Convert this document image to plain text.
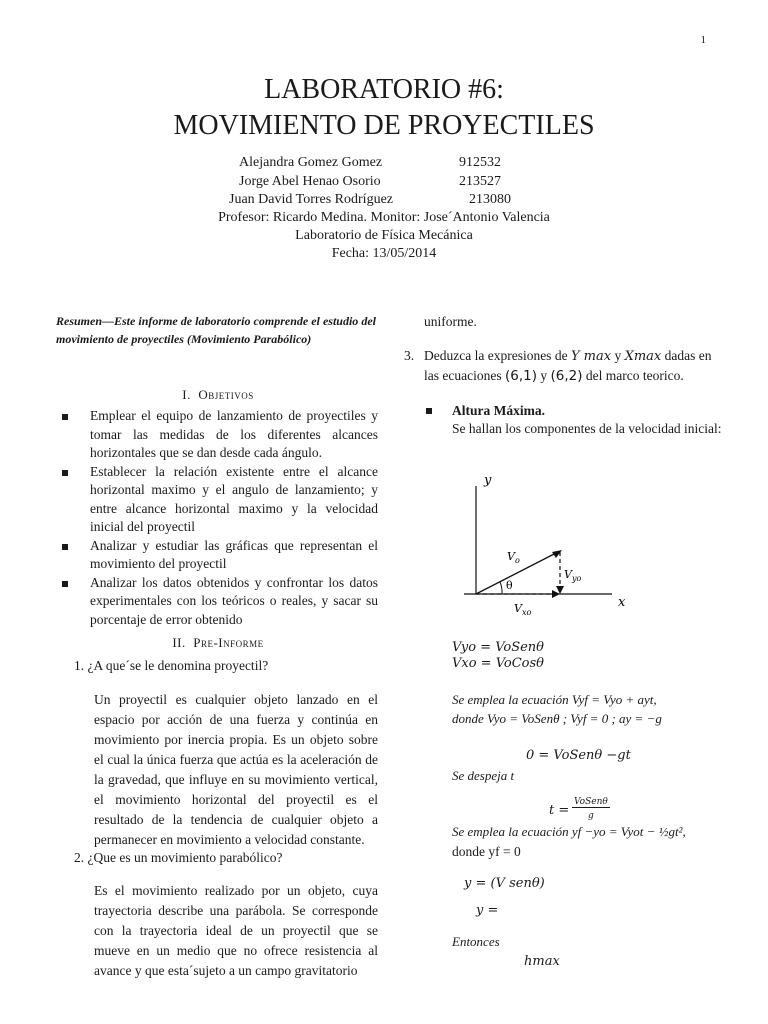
1
LABORATORIO #6:
MOVIMIENTO DE PROYECTILES
Alejandra Gomez Gomez	912532
Jorge Abel Henao Osorio	213527
Juan David Torres Rodríguez	213080
Profesor: Ricardo Medina. Monitor: Jose´Antonio Valencia
Laboratorio de Física Mecánica
Fecha: 13/05/2014
Resumen—Este informe de laboratorio comprende el estudio del movimiento de proyectiles (Movimiento Parabólico)
I. Objetivos
Emplear el equipo de lanzamiento de proyectiles y tomar las medidas de los diferentes alcances horizontales que se dan desde cada ángulo.
Establecer la relación existente entre el alcance horizontal maximo y el angulo de lanzamiento; y entre alcance horizontal maximo y la velocidad inicial del proyectil
Analizar y estudiar las gráficas que representan el movimiento del proyectil
Analizar los datos obtenidos y confrontar los datos experimentales con los teóricos o reales, y sacar su porcentaje de error obtenido
II. Pre-Informe
1. ¿A que´se le denomina proyectil?
Un proyectil es cualquier objeto lanzado en el espacio por acción de una fuerza y continúa en movimiento por inercia propia. Es un objeto sobre el cual la única fuerza que actúa es la aceleración de la gravedad, que influye en su movimiento vertical, el movimiento horizontal del proyectil es el resultado de la tendencia de cualquier objeto a permanecer en movimiento a velocidad constante.
2. ¿Que es un movimiento parabólico?
Es el movimiento realizado por un objeto, cuya trayectoria describe una parábola. Se corresponde con la trayectoria ideal de un proyectil que se mueve en un medio que no ofrece resistencia al avance y que esta´sujeto a un campo gravitatorio
uniforme.
3. Deduzca la expresiones de Y max y Xmax dadas en las ecuaciones (6,1) y (6,2) del marco teorico.
Altura Máxima.
Se hallan los componentes de la velocidad inicial:
y
x
$V_o$
$V_{yo}$
$V_{xo}$
θ
Vyo = VoSenθ
Vxo = VoCosθ
Se emplea la ecuación Vyf = Vyo + ayt,
donde Vyo = VoSenθ ; Vyf = 0 ; ay = −g
0 = VoSenθ −gt
Se despeja t
t =
VoSenθ
g
Se emplea la ecuación yf −yo = Vyot − ½gt²,
donde yf = 0
y = (V senθ)
y =
Entonces
hmax
